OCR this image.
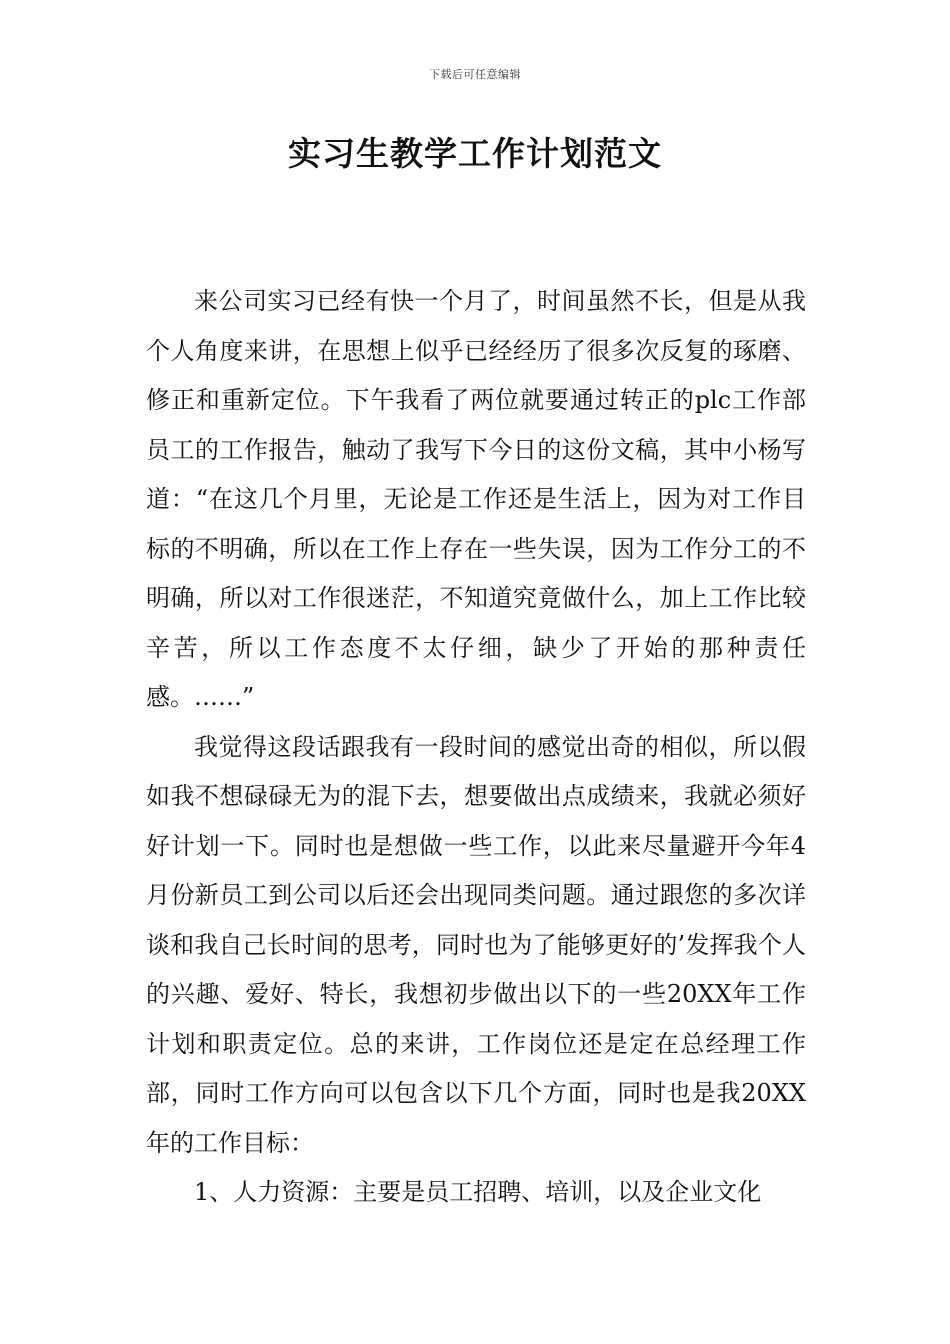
下载后可任意编辑
实习生教学工作计划范文

来公司实习已经有快一个月了，时间虽然不长，但是从我个人角度来讲，在思想上似乎已经经历了很多次反复的琢磨、修正和重新定位。下午我看了两位就要通过转正的plc工作部员工的工作报告，触动了我写下今日的这份文稿，其中小杨写道：“在这几个月里，无论是工作还是生活上，因为对工作目标的不明确，所以在工作上存在一些失误，因为工作分工的不明确，所以对工作很迷茫，不知道究竟做什么，加上工作比较辛苦，所以工作态度不太仔细，缺少了开始的那种责任感。……”

我觉得这段话跟我有一段时间的感觉出奇的相似，所以假如我不想碌碌无为的混下去，想要做出点成绩来，我就必须好好计划一下。同时也是想做一些工作，以此来尽量避开今年4月份新员工到公司以后还会出现同类问题。通过跟您的多次详谈和我自己长时间的思考，同时也为了能够更好的’发挥我个人的兴趣、爱好、特长，我想初步做出以下的一些20XX年工作计划和职责定位。总的来讲，工作岗位还是定在总经理工作部，同时工作方向可以包含以下几个方面，同时也是我20XX年的工作目标：

1、人力资源：主要是员工招聘、培训，以及企业文化
